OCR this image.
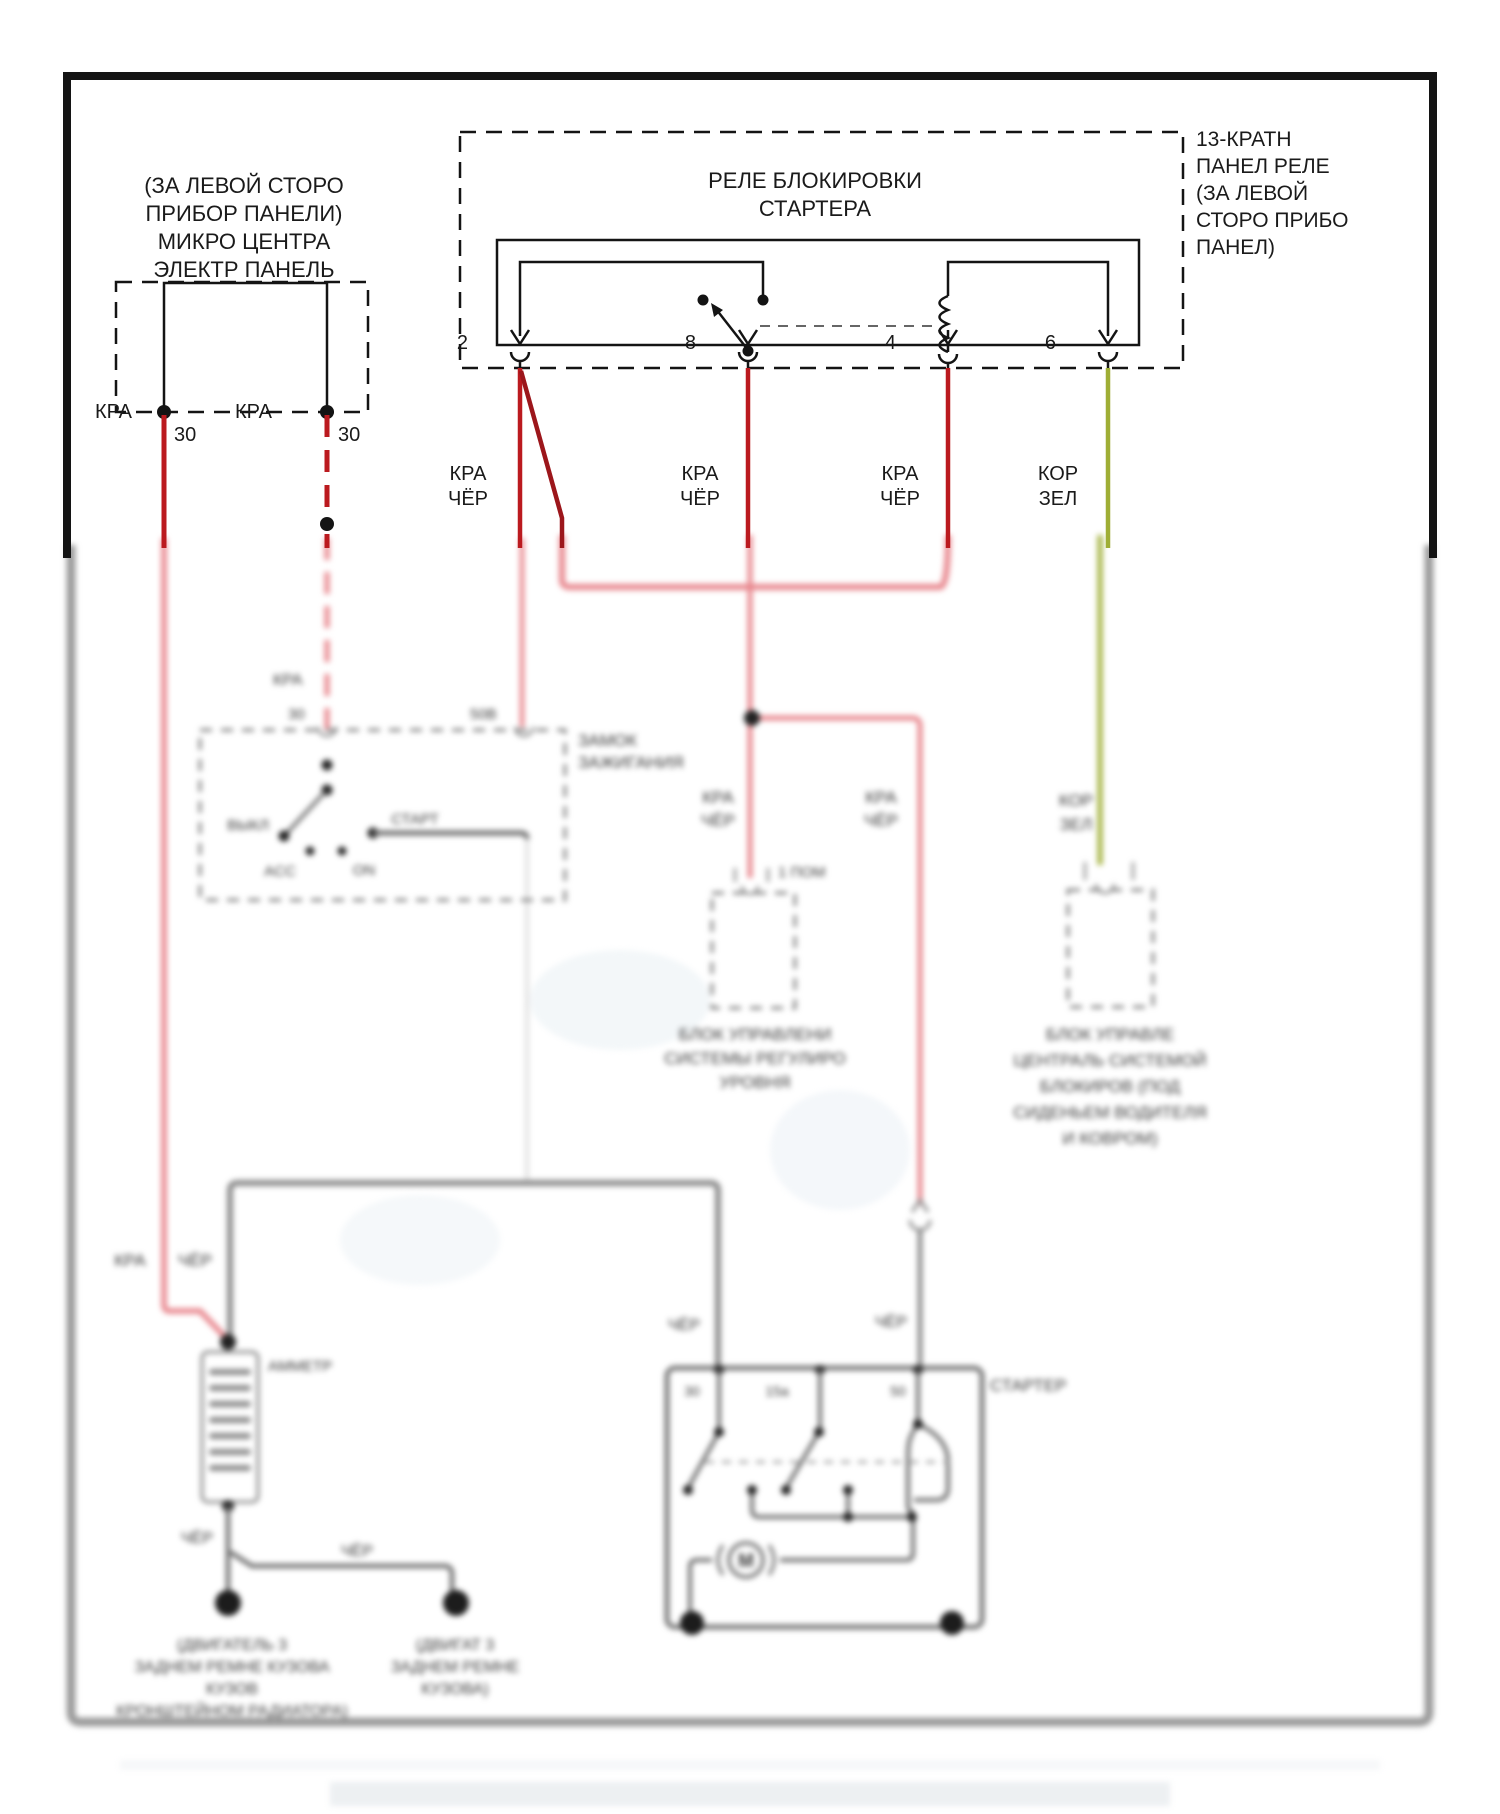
КРА
30	50В
ЗАМОК
ЗАЖИГАНИЯ
ВЫКЛ
ACC	ON
СТАРТ
КРА
ЧЁР
КРА
ЧЁР
КОР
ЗЕЛ
1 ПОМ
БЛОК УПРАВЛЕНИ
СИСТЕМЫ РЕГУЛИРО
УРОВНЯ
БЛОК УПРАВЛЕ
ЦЕНТРАЛЬ СИСТЕМОЙ
БЛОКИРОВ (ПОД
СИДЕНЬЕМ ВОДИТЕЛЯ
И КОВРОМ)
КРА ЧЁР
АММЕТР
ЧЁР
ЧЁР
(ДВИГАТЕЛЬ 3
ЗАДНЕМ РЕМНЕ КУЗОВА
КУЗОВ
КРОНШТЕЙНОМ РАДИАТОРА)
(ДВИГАТ 3
ЗАДНЕМ РЕМНЕ
КУЗОВА)
ЧЁР	ЧЁР
СТАРТЕР
30	15а	50
M
(ЗА ЛЕВОЙ СТОРО
ПРИБОР ПАНЕЛИ)
МИКРО ЦЕНТРА
ЭЛЕКТР ПАНЕЛЬ
30	30
КРА	КРА
РЕЛЕ БЛОКИРОВКИ
СТАРТЕРА
13-КРАТН
ПАНЕЛ РЕЛЕ
(ЗА ЛЕВОЙ
СТОРО ПРИБО
ПАНЕЛ)
2	8	4	6
КРА
ЧЁР
КРА
ЧЁР
КРА
ЧЁР
КОР
ЗЕЛ
